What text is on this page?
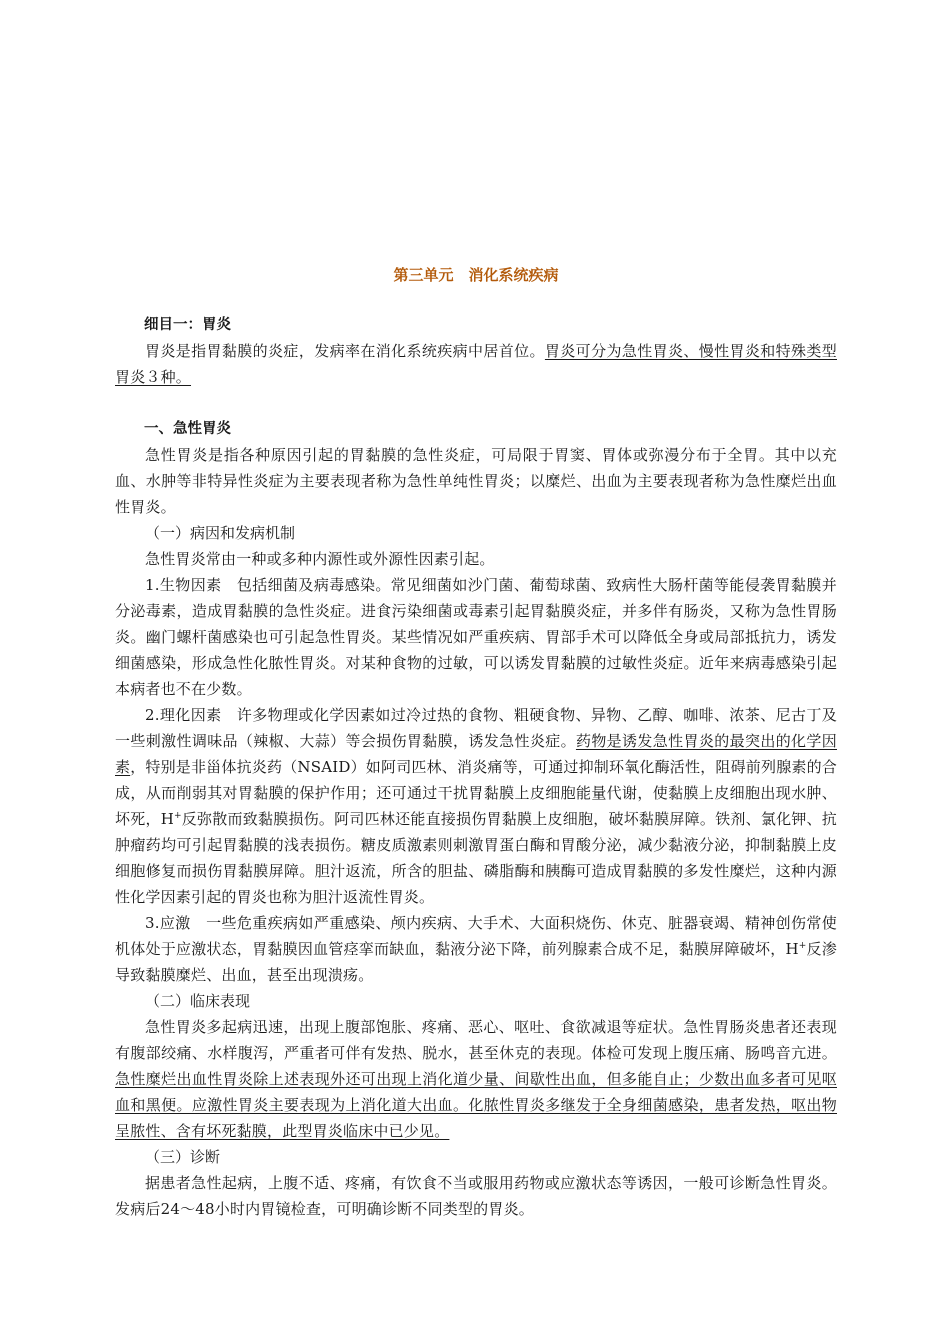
第三单元　消化系统疾病
细目一：胃炎

胃炎是指胃黏膜的炎症，发病率在消化系统疾病中居首位。胃炎可分为急性胃炎、慢性胃炎和特殊类型胃炎３种。

一、急性胃炎

急性胃炎是指各种原因引起的胃黏膜的急性炎症，可局限于胃窦、胃体或弥漫分布于全胃。其中以充血、水肿等非特异性炎症为主要表现者称为急性单纯性胃炎；以糜烂、出血为主要表现者称为急性糜烂出血性胃炎。

（一）病因和发病机制

急性胃炎常由一种或多种内源性或外源性因素引起。

1.生物因素　包括细菌及病毒感染。常见细菌如沙门菌、葡萄球菌、致病性大肠杆菌等能侵袭胃黏膜并分泌毒素，造成胃黏膜的急性炎症。进食污染细菌或毒素引起胃黏膜炎症，并多伴有肠炎，又称为急性胃肠炎。幽门螺杆菌感染也可引起急性胃炎。某些情况如严重疾病、胃部手术可以降低全身或局部抵抗力，诱发细菌感染，形成急性化脓性胃炎。对某种食物的过敏，可以诱发胃黏膜的过敏性炎症。近年来病毒感染引起本病者也不在少数。

2.理化因素　许多物理或化学因素如过冷过热的食物、粗硬食物、异物、乙醇、咖啡、浓茶、尼古丁及一些刺激性调味品（辣椒、大蒜）等会损伤胃黏膜，诱发急性炎症。药物是诱发急性胃炎的最突出的化学因素，特别是非甾体抗炎药（NSAID）如阿司匹林、消炎痛等，可通过抑制环氧化酶活性，阻碍前列腺素的合成，从而削弱其对胃黏膜的保护作用；还可通过干扰胃黏膜上皮细胞能量代谢，使黏膜上皮细胞出现水肿、坏死，H+反弥散而致黏膜损伤。阿司匹林还能直接损伤胃黏膜上皮细胞，破坏黏膜屏障。铁剂、氯化钾、抗肿瘤药均可引起胃黏膜的浅表损伤。糖皮质激素则刺激胃蛋白酶和胃酸分泌，减少黏液分泌，抑制黏膜上皮细胞修复而损伤胃黏膜屏障。胆汁返流，所含的胆盐、磷脂酶和胰酶可造成胃黏膜的多发性糜烂，这种内源性化学因素引起的胃炎也称为胆汁返流性胃炎。

3.应激　一些危重疾病如严重感染、颅内疾病、大手术、大面积烧伤、休克、脏器衰竭、精神创伤常使机体处于应激状态，胃黏膜因血管痉挛而缺血，黏液分泌下降，前列腺素合成不足，黏膜屏障破坏，H+反渗导致黏膜糜烂、出血，甚至出现溃疡。

（二）临床表现

急性胃炎多起病迅速，出现上腹部饱胀、疼痛、恶心、呕吐、食欲减退等症状。急性胃肠炎患者还表现有腹部绞痛、水样腹泻，严重者可伴有发热、脱水，甚至休克的表现。体检可发现上腹压痛、肠鸣音亢进。急性糜烂出血性胃炎除上述表现外还可出现上消化道少量、间歇性出血，但多能自止；少数出血多者可见呕血和黑便。应激性胃炎主要表现为上消化道大出血。化脓性胃炎多继发于全身细菌感染，患者发热，呕出物呈脓性、含有坏死黏膜，此型胃炎临床中已少见。

（三）诊断

据患者急性起病，上腹不适、疼痛，有饮食不当或服用药物或应激状态等诱因，一般可诊断急性胃炎。发病后24～48小时内胃镜检查，可明确诊断不同类型的胃炎。
